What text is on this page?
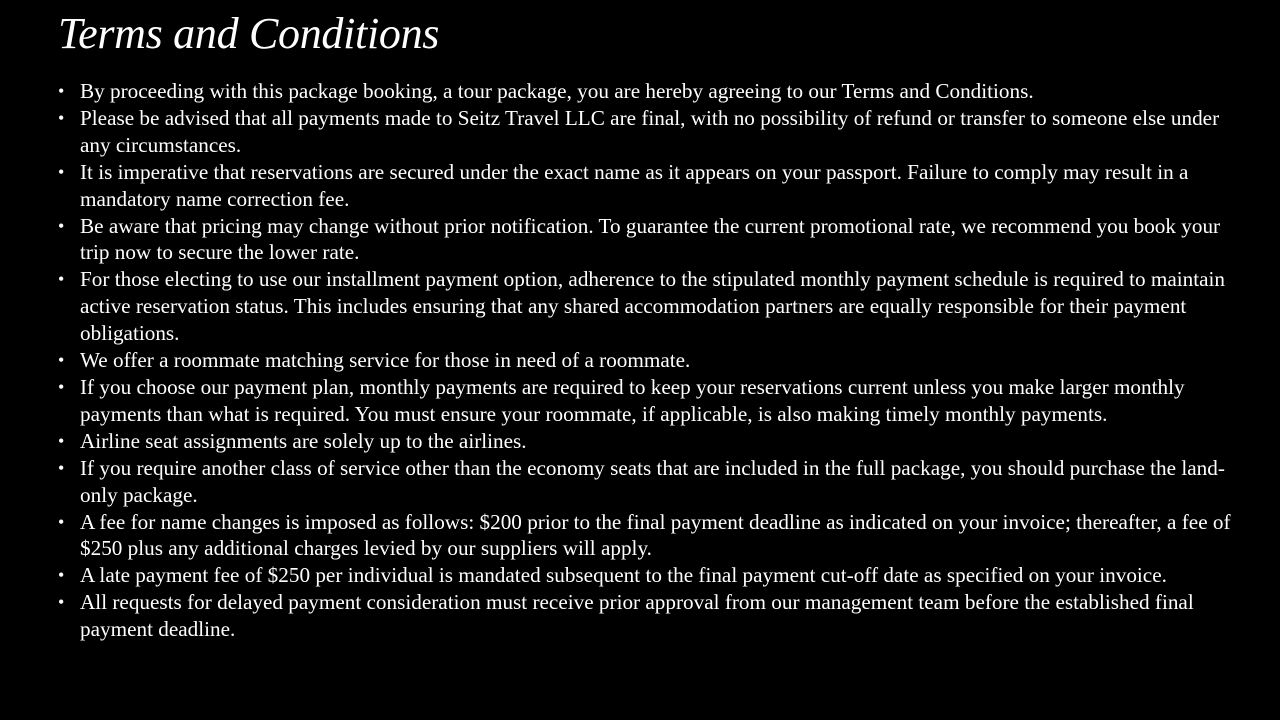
Terms and Conditions
• By proceeding with this package booking, a tour package, you are hereby agreeing to our Terms and Conditions.
• Please be advised that all payments made to Seitz Travel LLC are final, with no possibility of refund or transfer to someone else under any circumstances.
• It is imperative that reservations are secured under the exact name as it appears on your passport. Failure to comply may result in a mandatory name correction fee.
• Be aware that pricing may change without prior notification. To guarantee the current promotional rate, we recommend you book your trip now to secure the lower rate.
• For those electing to use our installment payment option, adherence to the stipulated monthly payment schedule is required to maintain active reservation status. This includes ensuring that any shared accommodation partners are equally responsible for their payment obligations.
• We offer a roommate matching service for those in need of a roommate.
• If you choose our payment plan, monthly payments are required to keep your reservations current unless you make larger monthly payments than what is required. You must ensure your roommate, if applicable, is also making timely monthly payments.
• Airline seat assignments are solely up to the airlines.
• If you require another class of service other than the economy seats that are included in the full package, you should purchase the land-only package.
• A fee for name changes is imposed as follows: $200 prior to the final payment deadline as indicated on your invoice; thereafter, a fee of $250 plus any additional charges levied by our suppliers will apply.
• A late payment fee of $250 per individual is mandated subsequent to the final payment cut-off date as specified on your invoice.
• All requests for delayed payment consideration must receive prior approval from our management team before the established final payment deadline.
